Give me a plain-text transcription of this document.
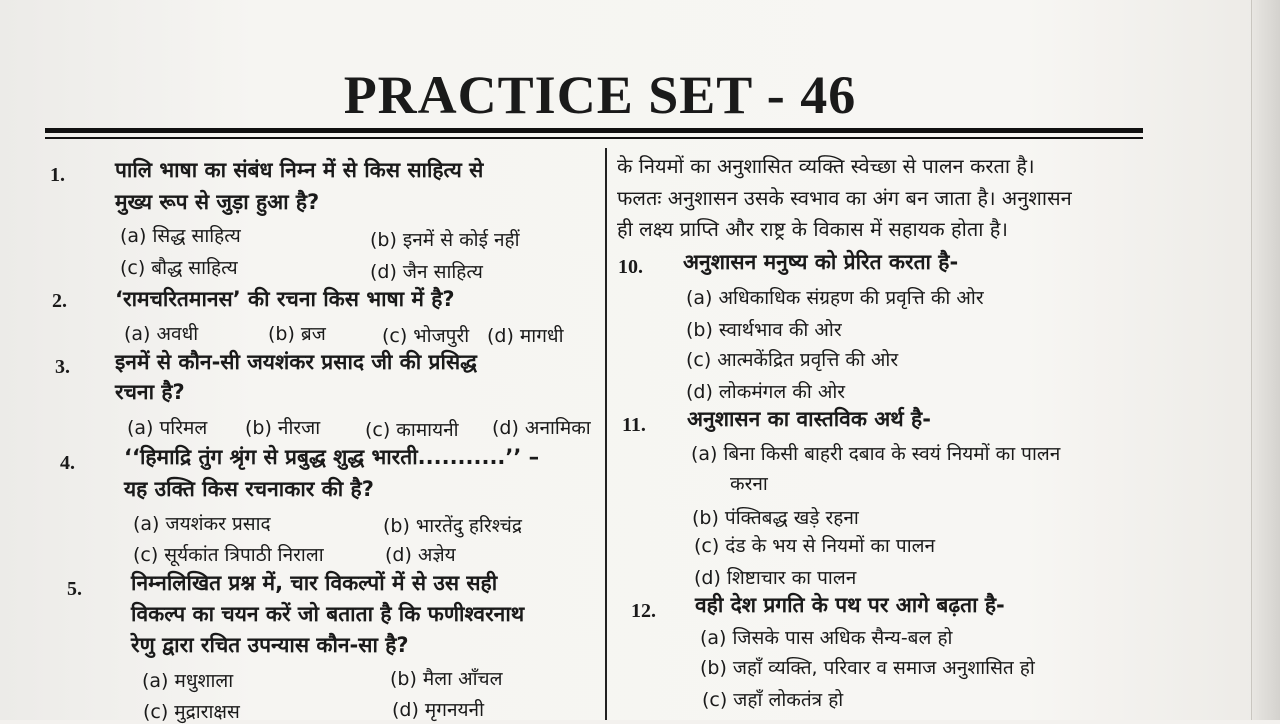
PRACTICE SET - 46
1. पालि भाषा का संबंध निम्न में से किस साहित्य से
मुख्य रूप से जुड़ा हुआ है?
(a) सिद्ध साहित्य	(b) इनमें से कोई नहीं
(c) बौद्ध साहित्य	(d) जैन साहित्य
2. ‘रामचरितमानस’ की रचना किस भाषा में है?
(a) अवधी	(b) ब्रज	(c) भोजपुरी (d) मागधी
3. इनमें से कौन-सी जयशंकर प्रसाद जी की प्रसिद्ध
रचना है?
(a) परिमल (b) नीरजा (c) कामायनी (d) अनामिका
4. ‘‘हिमाद्रि तुंग श्रृंग से प्रबुद्ध शुद्ध भारती...........’’ –
यह उक्ति किस रचनाकार की है?
(a) जयशंकर प्रसाद	(b) भारतेंदु हरिश्चंद्र
(c) सूर्यकांत त्रिपाठी निराला	(d) अज्ञेय
5. निम्नलिखित प्रश्न में, चार विकल्पों में से उस सही
विकल्प का चयन करें जो बताता है कि फणीश्वरनाथ
रेणु द्वारा रचित उपन्यास कौन-सा है?
(a) मधुशाला	(b) मैला आँचल
(c) मुद्राराक्षस	(d) मृगनयनी
के नियमों का अनुशासित व्यक्ति स्वेच्छा से पालन करता है।
फलतः अनुशासन उसके स्वभाव का अंग बन जाता है। अनुशासन
ही लक्ष्य प्राप्ति और राष्ट्र के विकास में सहायक होता है।
10. अनुशासन मनुष्य को प्रेरित करता है-
(a) अधिकाधिक संग्रहण की प्रवृत्ति की ओर
(b) स्वार्थभाव की ओर
(c) आत्मकेंद्रित प्रवृत्ति की ओर
(d) लोकमंगल की ओर
11. अनुशासन का वास्तविक अर्थ है-
(a) बिना किसी बाहरी दबाव के स्वयं नियमों का पालन
करना
(b) पंक्तिबद्ध खड़े रहना
(c) दंड के भय से नियमों का पालन
(d) शिष्टाचार का पालन
12. वही देश प्रगति के पथ पर आगे बढ़ता है-
(a) जिसके पास अधिक सैन्य-बल हो
(b) जहाँ व्यक्ति, परिवार व समाज अनुशासित हो
(c) जहाँ लोकतंत्र हो
